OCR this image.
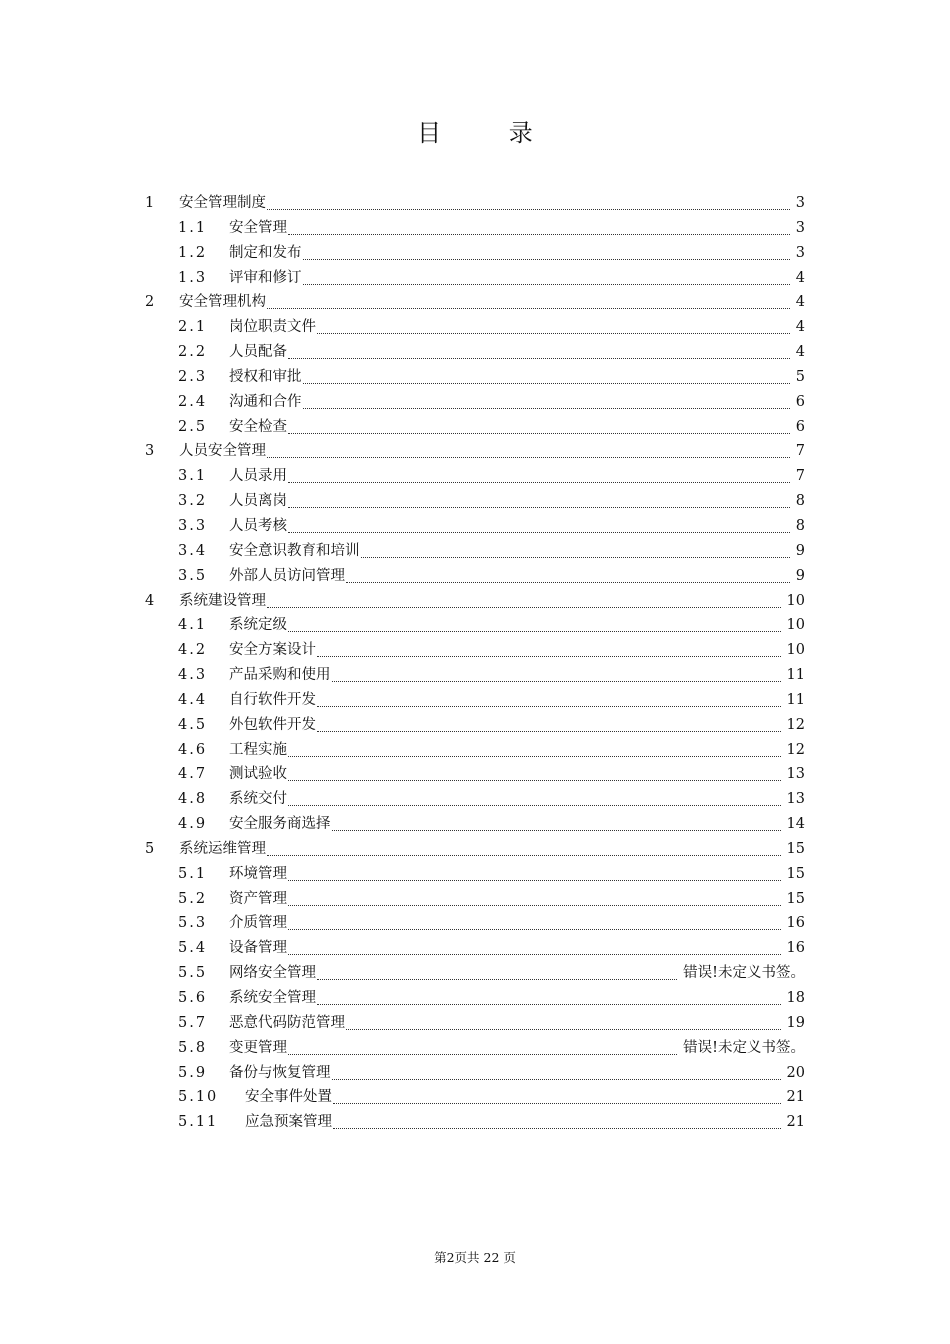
目 录
1 安全管理制度	3
1.1 安全管理	3
1.2 制定和发布	3
1.3 评审和修订	4
2 安全管理机构	4
2.1 岗位职责文件	4
2.2 人员配备	4
2.3 授权和审批	5
2.4 沟通和合作	6
2.5 安全检查	6
3 人员安全管理	7
3.1 人员录用	7
3.2 人员离岗	8
3.3 人员考核	8
3.4 安全意识教育和培训	9
3.5 外部人员访问管理	9
4 系统建设管理	10
4.1 系统定级	10
4.2 安全方案设计	10
4.3 产品采购和使用	11
4.4 自行软件开发	11
4.5 外包软件开发	12
4.6 工程实施	12
4.7 测试验收	13
4.8 系统交付	13
4.9 安全服务商选择	14
5 系统运维管理	15
5.1 环境管理	15
5.2 资产管理	15
5.3 介质管理	16
5.4 设备管理	16
5.5 网络安全管理	错误!未定义书签。
5.6 系统安全管理	18
5.7 恶意代码防范管理	19
5.8 变更管理	错误!未定义书签。
5.9 备份与恢复管理	20
5.10 安全事件处置	21
5.11 应急预案管理	21
第2页共 22 页
